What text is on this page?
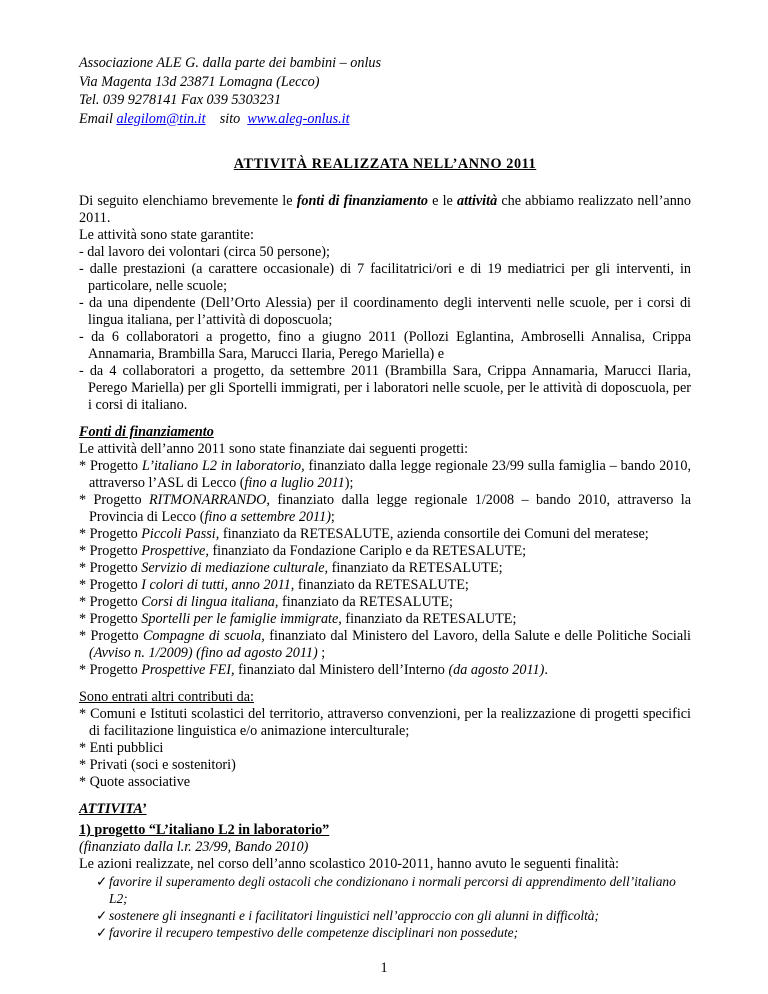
Associazione ALE G. dalla parte dei bambini – onlus
Via Magenta 13d 23871 Lomagna (Lecco)
Tel. 039 9278141 Fax 039 5303231
Email alegilom@tin.it    sito  www.aleg-onlus.it
ATTIVITÀ REALIZZATA NELL’ANNO 2011

Di seguito elenchiamo brevemente le fonti di finanziamento e le attività che abbiamo realizzato nell’anno 2011.

Le attività sono state garantite:

- dal lavoro dei volontari (circa 50 persone);
- dalle prestazioni (a carattere occasionale) di 7 facilitatrici/ori e di 19 mediatrici per gli interventi, in particolare, nelle scuole;
- da una dipendente (Dell’Orto Alessia) per il coordinamento degli interventi nelle scuole, per i corsi di lingua italiana, per l’attività di doposcuola;
- da 6 collaboratori a progetto, fino a giugno 2011 (Pollozi Eglantina, Ambroselli Annalisa, Crippa Annamaria, Brambilla Sara, Marucci Ilaria, Perego Mariella) e
- da 4 collaboratori a progetto, da settembre 2011 (Brambilla Sara, Crippa Annamaria, Marucci Ilaria, Perego Mariella) per gli Sportelli immigrati, per i laboratori nelle scuole, per le attività di doposcuola, per i corsi di italiano.
Fonti di finanziamento

Le attività dell’anno 2011 sono state finanziate dai seguenti progetti:

* Progetto L’italiano L2 in laboratorio, finanziato dalla legge regionale 23/99 sulla famiglia – bando 2010, attraverso l’ASL di Lecco (fino a luglio 2011);
* Progetto RITMONARRANDO, finanziato dalla legge regionale 1/2008 – bando 2010, attraverso la Provincia di Lecco (fino a settembre 2011);
* Progetto Piccoli Passi, finanziato da RETESALUTE, azienda consortile dei Comuni del meratese;
* Progetto Prospettive, finanziato da Fondazione Cariplo e da RETESALUTE;
* Progetto Servizio di mediazione culturale, finanziato da RETESALUTE;
* Progetto I colori di tutti, anno 2011, finanziato da RETESALUTE;
* Progetto Corsi di lingua italiana, finanziato da RETESALUTE;
* Progetto Sportelli per le famiglie immigrate, finanziato da RETESALUTE;
* Progetto Compagne di scuola, finanziato dal Ministero del Lavoro, della Salute e delle Politiche Sociali (Avviso n. 1/2009) (fino ad agosto 2011) ;
* Progetto Prospettive FEI, finanziato dal Ministero dell’Interno (da agosto 2011).
Sono entrati altri contributi da:
* Comuni e Istituti scolastici del territorio, attraverso convenzioni, per la realizzazione di progetti specifici di facilitazione linguistica e/o animazione interculturale;
* Enti pubblici
* Privati (soci e sostenitori)
* Quote associative
ATTIVITA’
1) progetto “L’italiano L2 in laboratorio”
(finanziato dalla l.r. 23/99, Bando 2010)

Le azioni realizzate, nel corso dell’anno scolastico 2010-2011, hanno avuto le seguenti finalità:

✓ favorire il superamento degli ostacoli che condizionano i normali percorsi di apprendimento dell’italiano L2;
✓ sostenere gli insegnanti e i facilitatori linguistici nell’approccio con gli alunni in difficoltà;
✓ favorire il recupero tempestivo delle competenze disciplinari non possedute;
1
